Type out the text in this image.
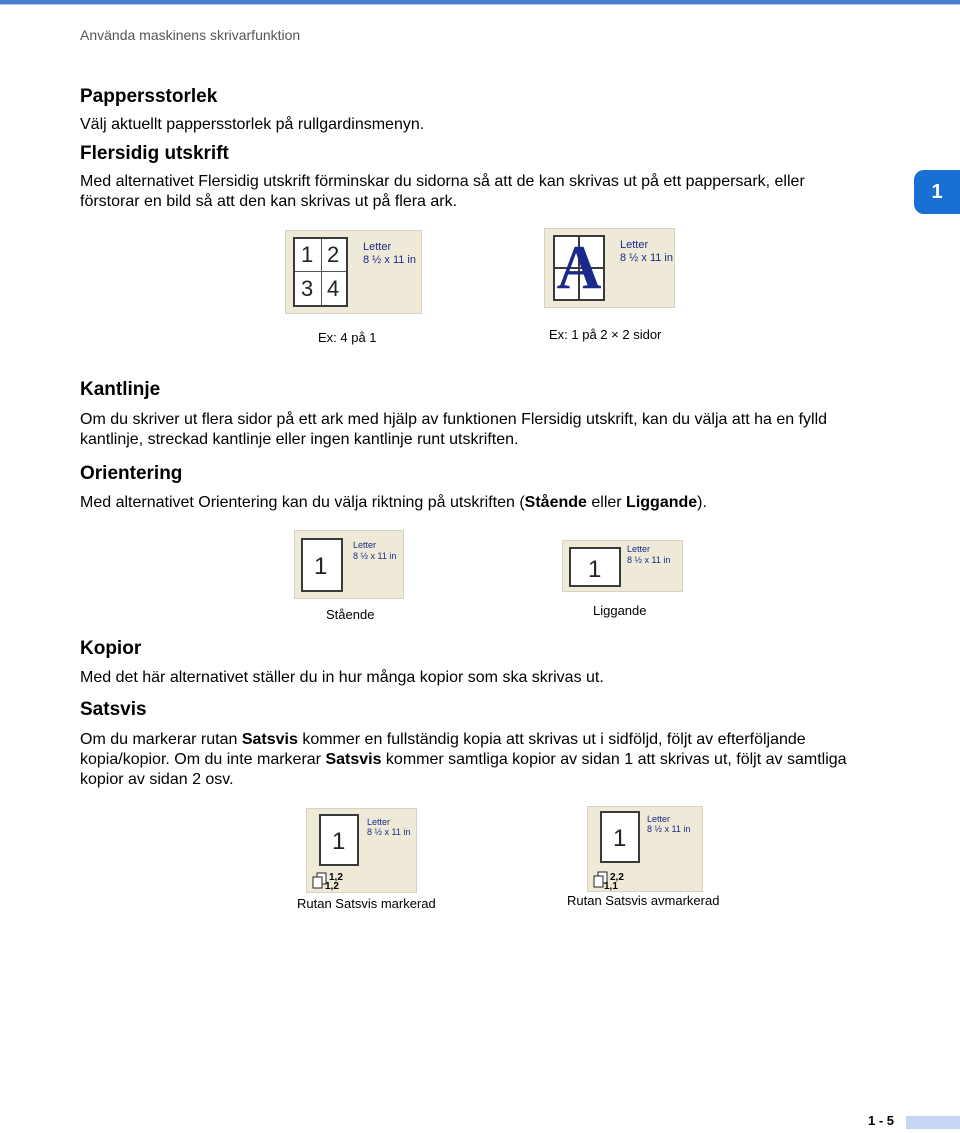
Använda maskinens skrivarfunktion
1
Pappersstorlek
Välj aktuellt pappersstorlek på rullgardinsmenyn.
Flersidig utskrift
Med alternativet Flersidig utskrift förminskar du sidorna så att de kan skrivas ut på ett pappersark, eller
förstorar en bild så att den kan skrivas ut på flera ark.
1 2
3 4
Letter
8 ½ x 11 in
Ex: 4 på 1
A Letter
8 ½ x 11 in
Ex: 1 på 2 × 2 sidor
Kantlinje
Om du skriver ut flera sidor på ett ark med hjälp av funktionen Flersidig utskrift, kan du välja att ha en fylld
kantlinje, streckad kantlinje eller ingen kantlinje runt utskriften.
Orientering
Med alternativet Orientering kan du välja riktning på utskriften (Stående eller Liggande).
1
Letter
8 ½ x 11 in
Stående
1
Letter
8 ½ x 11 in
Liggande
Kopior
Med det här alternativet ställer du in hur många kopior som ska skrivas ut.
Satsvis
Om du markerar rutan Satsvis kommer en fullständig kopia att skrivas ut i sidföljd, följt av efterföljande
kopia/kopior. Om du inte markerar Satsvis kommer samtliga kopior av sidan 1 att skrivas ut, följt av samtliga
kopior av sidan 2 osv.
1
Letter
8 ½ x 11 in
1,2
1,2
Rutan Satsvis markerad
1
Letter
8 ½ x 11 in
2,2
1,1
Rutan Satsvis avmarkerad
1 - 5
